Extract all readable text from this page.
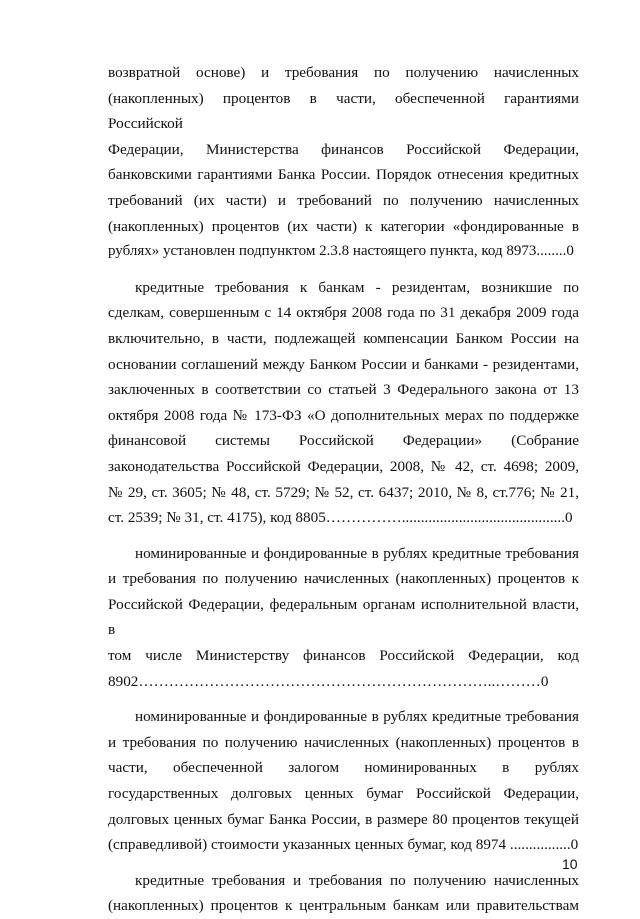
возвратной основе) и требования по получению начисленных
(накопленных) процентов в части, обеспеченной гарантиями Российской
Федерации, Министерства финансов Российской Федерации,
банковскими гарантиями Банка России. Порядок отнесения кредитных
требований (их части) и требований по получению начисленных
(накопленных) процентов (их части) к категории «фондированные в
рублях» установлен подпунктом 2.3.8 настоящего пункта, код 8973........0
кредитные требования к банкам - резидентам, возникшие по
сделкам, совершенным с 14 октября 2008 года по 31 декабря 2009 года
включительно, в части, подлежащей компенсации Банком России на
основании соглашений между Банком России и банками - резидентами,
заключенных в соответствии со статьей 3 Федерального закона от 13
октября 2008 года № 173-ФЗ «О дополнительных мерах по поддержке
финансовой системы Российской Федерации» (Собрание
законодательства Российской Федерации, 2008, № 42, ст. 4698; 2009,
№ 29, ст. 3605; № 48, ст. 5729; № 52, ст. 6437; 2010, № 8, ст.776; № 21,
ст. 2539; № 31, ст. 4175), код 8805……………...........................................0
номинированные и фондированные в рублях кредитные требования
и требования по получению начисленных (накопленных) процентов к
Российской Федерации, федеральным органам исполнительной власти, в
том числе Министерству финансов Российской Федерации, код
8902……………………………………………………………..………0
номинированные и фондированные в рублях кредитные требования
и требования по получению начисленных (накопленных) процентов в
части, обеспеченной залогом номинированных в рублях
государственных долговых ценных бумаг Российской Федерации,
долговых ценных бумаг Банка России, в размере 80 процентов текущей
(справедливой) стоимости указанных ценных бумаг, код 8974 ................0
кредитные требования и требования по получению начисленных
(накопленных) процентов к центральным банкам или правительствам
10
